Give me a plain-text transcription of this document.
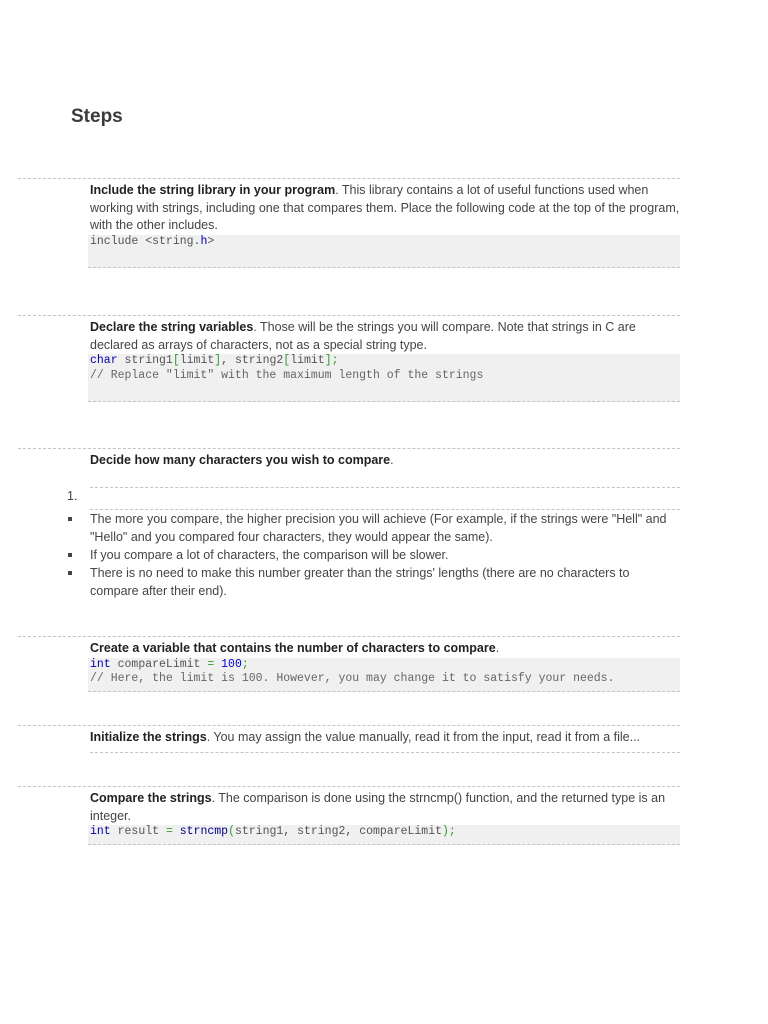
Steps

Include the string library in your program. This library contains a lot of useful functions used when working with strings, including one that compares them. Place the following code at the top of the program, with the other includes.

include <string.h>

Declare the string variables. Those will be the strings you will compare. Note that strings in C are declared as arrays of characters, not as a special string type.

char string1[limit], string2[limit];
// Replace "limit" with the maximum length of the strings

Decide how many characters you wish to compare.

1.
The more you compare, the higher precision you will achieve (For example, if the strings were "Hell" and "Hello" and you compared four characters, they would appear the same).
If you compare a lot of characters, the comparison will be slower.
There is no need to make this number greater than the strings' lengths (there are no characters to compare after their end).

Create a variable that contains the number of characters to compare.

int compareLimit = 100;
// Here, the limit is 100. However, you may change it to satisfy your needs.

Initialize the strings. You may assign the value manually, read it from the input, read it from a file...

Compare the strings. The comparison is done using the strncmp() function, and the returned type is an integer.

int result = strncmp(string1, string2, compareLimit);
